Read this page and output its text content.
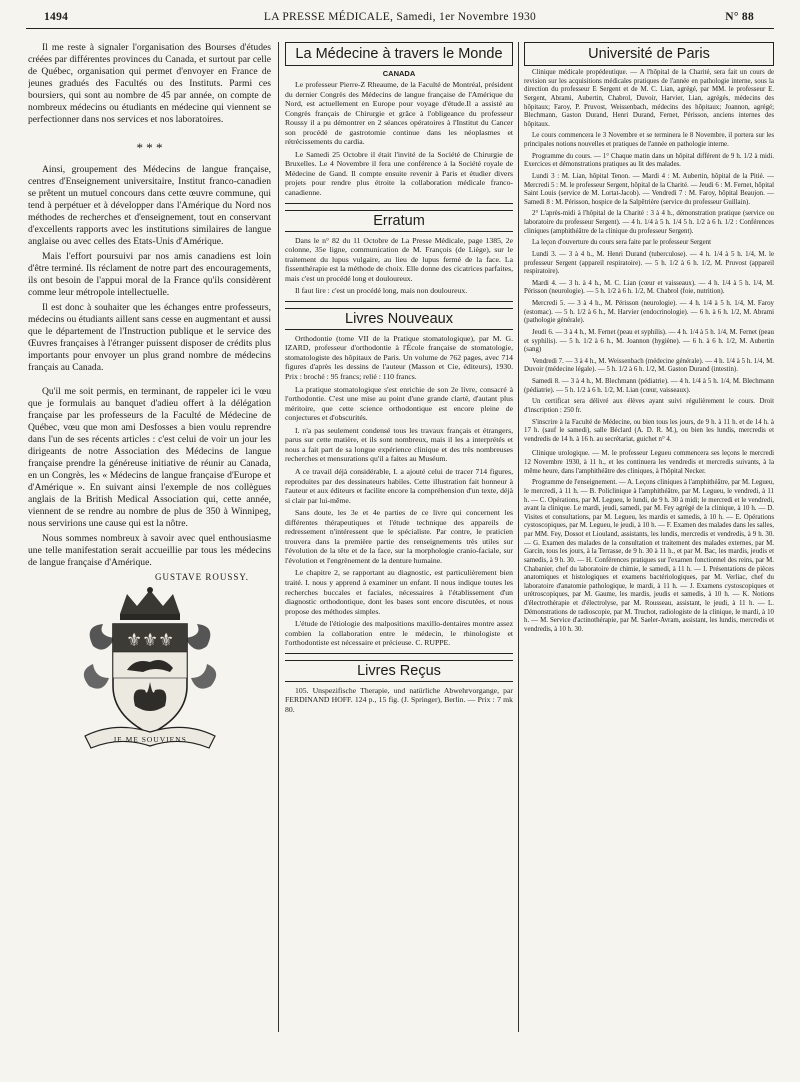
1494	LA PRESSE MÉDICALE, Samedi, 1er Novembre 1930	N° 88

Il me reste à signaler l'organisation des Bourses d'études créées par différentes provinces du Canada, et surtout par celle de Québec, organisation qui permet d'envoyer en France de jeunes gradués des Facultés ou des Instituts. Parmi ces boursiers, qui sont au nombre de 45 par année, on compte de nombreux médecins ou étudiants en médecine qui viennent se perfectionner dans nos services et nos laboratoires.

* * *

Ainsi, groupement des Médecins de langue française, centres d'Enseignement universitaire, Institut franco-canadien se prêtent un mutuel concours dans cette œuvre commune, qui tend à perpétuer et à développer dans l'Amérique du Nord nos méthodes de recherches et d'enseignement, tout en conservant d'excellents rapports avec les institutions similaires de langue anglaise ou avec celles des Etats-Unis d'Amérique.

Mais l'effort poursuivi par nos amis canadiens est loin d'être terminé. Ils réclament de notre part des encouragements, ils ont besoin de l'appui moral de la France qu'ils considèrent comme leur métropole intellectuelle.

Il est donc à souhaiter que les échanges entre professeurs, médecins ou étudiants aillent sans cesse en augmentant et aussi que le département de l'Instruction publique et le service des Œuvres françaises à l'étranger puissent disposer de crédits plus importants pour envoyer un plus grand nombre de médecins français au Canada.

Qu'il me soit permis, en terminant, de rappeler ici le vœu que je formulais au banquet d'adieu offert à la délégation française par les professeurs de la Faculté de Médecine de Québec, vœu que mon ami Desfosses a bien voulu reprendre dans l'un de ses récents articles : c'est celui de voir un jour les dirigeants de notre Association des Médecins de langue française prendre la généreuse initiative de réunir au Canada, en un Congrès, les « Médecins de langue française d'Europe et d'Amérique ». En suivant ainsi l'exemple de nos collègues anglais de la British Medical Association qui, cette année, viennent de se rendre au nombre de plus de 350 à Winnipeg, nous servirions une cause qui est la nôtre.

Nous sommes nombreux à savoir avec quel enthousiasme une telle manifestation serait accueillie par tous les médecins de langue française d'Amérique.

GUSTAVE ROUSSY.
⚜ ⚜ ⚜
JE ME SOUVIENS
La Médecine à travers le Monde
CANADA

Le professeur Pierre-Z Rheaume, de la Faculté de Montréal, président du dernier Congrès des Médecins de langue française de l'Amérique du Nord, est actuellement en Europe pour voyage d'étude.Il a assisté au Congrès français de Chirurgie et grâce à l'obligeance du professeur Roussy il a pu démontrer en 2 séances opératoires à l'Institut du Cancer son procédé de gastrotomie continue dans les néoplasmes et rétrécissements du cardia.

Le Samedi 25 Octobre il était l'invité de la Société de Chirurgie de Bruxelles. Le 4 Novembre il fera une conférence à la Société royale de Médecine de Gand. Il compte ensuite revenir à Paris et étudier divers projets pour rendre plus étroite la collaboration médicale franco-canadienne.

Erratum

Dans le n° 82 du 11 Octobre de La Presse Médicale, page 1385, 2e colonne, 35e ligne, communication de M. François (de Liège), sur le traitement du lupus vulgaire, au lieu de lupus fermé de la face. La fissenthérapie est la méthode de choix. Elle donne des cicatrices parfaites, mais c'est un procédé long et douloureux.

Il faut lire : c'est un procédé long, mais non douloureux.

Livres Nouveaux

Orthodontie (tome VII de la Pratique stomatologique), par M. G. IZARD, professeur d'orthodontie à l'École française de stomatologie, stomatologiste des hôpitaux de Paris. Un volume de 762 pages, avec 714 figures d'après les dessins de l'auteur (Masson et Cie, éditeurs), 1930. Prix : broché : 95 francs; relié : 110 francs.

La pratique stomatologique s'est enrichie de son 2e livre, consacré à l'orthodontie. C'est une mise au point d'une grande clarté, d'autant plus méritoire, que cette science orthodontique est encore pleine de conjectures et d'obscurités.

I. n'a pas seulement condensé tous les travaux français et étrangers, parus sur cette matière, et ils sont nombreux, mais il les a interprétés et nous a fait part de sa longue expérience clinique et des très nombreuses recherches et mensurations qu'il a faites au Muséum.

A ce travail déjà considérable, I. a ajouté celui de tracer 714 figures, reproduites par des dessinateurs habiles. Cette illustration fait honneur à l'auteur et aux éditeurs et facilite encore la compréhension d'un texte, déjà si clair par lui-même.

Sans doute, les 3e et 4e parties de ce livre qui concernent les différentes thérapeutiques et l'étude technique des appareils de redressement n'intéressent que le spécialiste. Par contre, le praticien trouvera dans la première partie des renseignements très utiles sur l'évolution de la tête et de la face, sur la morphologie cranio-faciale, sur l'évolution et l'engrènement de la denture humaine.

Le chapitre 2, se rapportant au diagnostic, est particulièrement bien traité. I. nous y apprend à examiner un enfant. Il nous indique toutes les recherches buccales et faciales, nécessaires à l'établissement d'un diagnostic orthodontique, dont les bases sont encore discutées, et nous propose des méthodes simples.

L'étude de l'étiologie des malpositions maxillo-dentaires montre assez combien la collaboration entre le médecin, le rhinologiste et l'orthodontiste est nécessaire et précieuse. C. RUPPE.

Livres Reçus

105. Unspezifische Therapie, und natürliche Abwehrvorgange, par FERDINAND HOFF. 124 p., 15 fig. (J. Springer), Berlin. — Prix : 7 mk 80.

Université de Paris

Clinique médicale propédeutique. — A l'hôpital de la Charité, sera fait un cours de revision sur les acquisitions médicales pratiques de l'année en pathologie interne, sous la direction du professeur E Sergent et de M. C. Lian, agrégé, par MM. le professeur E. Sergent, Abrami, Aubertin, Chabrol, Duvoir, Harvier, Lian, agrégés, médecins des hôpitaux; Faroy, P. Pruvost, Weissenbach, médecins des hôpitaux; Joannon, agrégé; Blechmann, Gaston Durand, Henri Durand, Fernet, Périsson, anciens internes des hôpitaux.

Le cours commencera le 3 Novembre et se terminera le 8 Novembre, il portera sur les principales notions nouvelles et pratiques de l'année en pathologie interne.

Programme du cours. — 1° Chaque matin dans un hôpital différent de 9 h. 1/2 à midi. Exercices et démonstrations pratiques au lit des malades.

Lundi 3 : M. Lian, hôpital Tenon. — Mardi 4 : M. Aubertin, hôpital de la Pitié. — Mercredi 5 : M. le professeur Sergent, hôpital de la Charité. — Jeudi 6 : M. Fernet, hôpital Saint Louis (service de M. Lortat-Jacob). — Vendredi 7 : M. Faroy, hôpital Beaujon. — Samedi 8 : M. Périsson, hospice de la Salpêtrière (service du professeur Guillain).

2° L'après-midi à l'hôpital de la Charité : 3 à 4 h., démonstration pratique (service ou laboratoire du professeur Sergent). — 4 h. 1/4 à 5 h. 1/4 5 h. 1/2 à 6 h. 1/2 : Conférences cliniques (amphithéâtre de la clinique du professeur Sergent).

La leçon d'ouverture du cours sera faite par le professeur Sergent

Lundi 3. — 3 à 4 h., M. Henri Durand (tuberculose). — 4 h. 1/4 à 5 h. 1/4, M. le professeur Sergent (appareil respiratoire). — 5 h. 1/2 à 6 h. 1/2, M. Pruvost (appareil respiratoire).

Mardi 4. — 3 h. à 4 h., M. C. Lian (cœur et vaisseaux). — 4 h. 1/4 à 5 h. 1/4, M. Périsson (neurologie). — 5 h. 1/2 à 6 h. 1/2, M. Chabrol (foie, nutrition).

Mercredi 5. — 3 à 4 h., M. Périsson (neurologie). — 4 h. 1/4 à 5 h. 1/4, M. Faroy (estomac). — 5 h. 1/2 à 6 h., M. Harvier (endocrinologie). — 6 h. à 6 h. 1/2, M. Abrami (pathologie générale).

Jeudi 6. — 3 à 4 h., M. Fernet (peau et syphilis). — 4 h. 1/4 à 5 h. 1/4, M. Fernet (peau et syphilis). — 5 h. 1/2 à 6 h., M. Joannon (hygiène). — 6 h. à 6 h. 1/2, M. Aubertin (sang)

Vendredi 7. — 3 à 4 h., M. Weissenbach (médecine générale). — 4 h. 1/4 à 5 h. 1/4, M. Duvoir (médecine légale). — 5 h. 1/2 à 6 h. 1/2, M. Gaston Durand (intestin).

Samedi 8. — 3 à 4 h., M. Blechmann (pédiatrie). — 4 h. 1/4 à 5 h. 1/4, M. Blechmann (pédiatrie). — 5 h. 1/2 à 6 h. 1/2, M. Lian (cœur, vaisseaux).

Un certificat sera délivré aux élèves ayant suivi régulièrement le cours. Droit d'inscription : 250 fr.

S'inscrire à la Faculté de Médecine, ou bien tous les jours, de 9 h. à 11 h. et de 14 h. à 17 h. (sauf le samedi), salle Béclard (A. D. R. M.), ou bien les lundis, mercredis et vendredis de 14 h. à 16 h. au secrétariat, guichet n° 4.

Clinique urologique. — M. le professeur Legueu commencera ses leçons le mercredi 12 Novembre 1930, à 11 h., et les continuera les vendredis et mercredis suivants, à la même heure, dans l'amphithéâtre des cliniques, à l'hôpital Necker.

Programme de l'enseignement. — A. Leçons cliniques à l'amphithéâtre, par M. Legueu, le mercredi, à 11 h. — B. Policlinique à l'amphithéâtre, par M. Legueu, le vendredi, à 11 h. — C. Opérations, par M. Legueu, le lundi, de 9 h. 30 à midi; le mercredi et le vendredi, avant la clinique. Le mardi, jeudi, samedi, par M. Fey agrégé de la clinique, à 10 h. — D. Visites et consultations, par M. Legueu, les mardis et samedis, à 10 h. — E. Opérations cystoscopiques, par M. Legueu, le jeudi, à 10 h. — F. Examen des malades dans les salles, par MM. Fey, Dossot et Liouland, assistants, les lundis, mercredis et vendredis, à 9 h. 30. — G. Examen des malades de la consultation et traitement des malades externes, par M. Garcin, tous les jours, à la Terrasse, de 9 h. 30 à 11 h., et par M. Bac, les mardis, jeudis et samedis, à 9 h. 30. — H. Conférences pratiques sur l'examen fonctionnel des reins, par M. Chabanier, chef du laboratoire de chimie, le samedi, à 11 h. — I. Présentations de pièces anatomiques et histologiques et examens bactériologiques, par M. Verliac, chef du laboratoire d'anatomie pathologique, le mardi, à 11 h. — J. Examens cystoscopiques et urétroscopiques, par M. Gaume, les mardis, jeudis et samedis, à 10 h. — K. Notions d'électrothérapie et d'électrolyse, par M. Rousseau, assistant, le jeudi, à 11 h. — L. Démonstrations de radioscopie, par M. Truchot, radiologiste de la clinique, le mardi, à 10 h. — M. Service d'actinothérapie, par M. Saeler-Avram, assistant, les lundis, mercredis et vendredis, à 10 h. 30.
